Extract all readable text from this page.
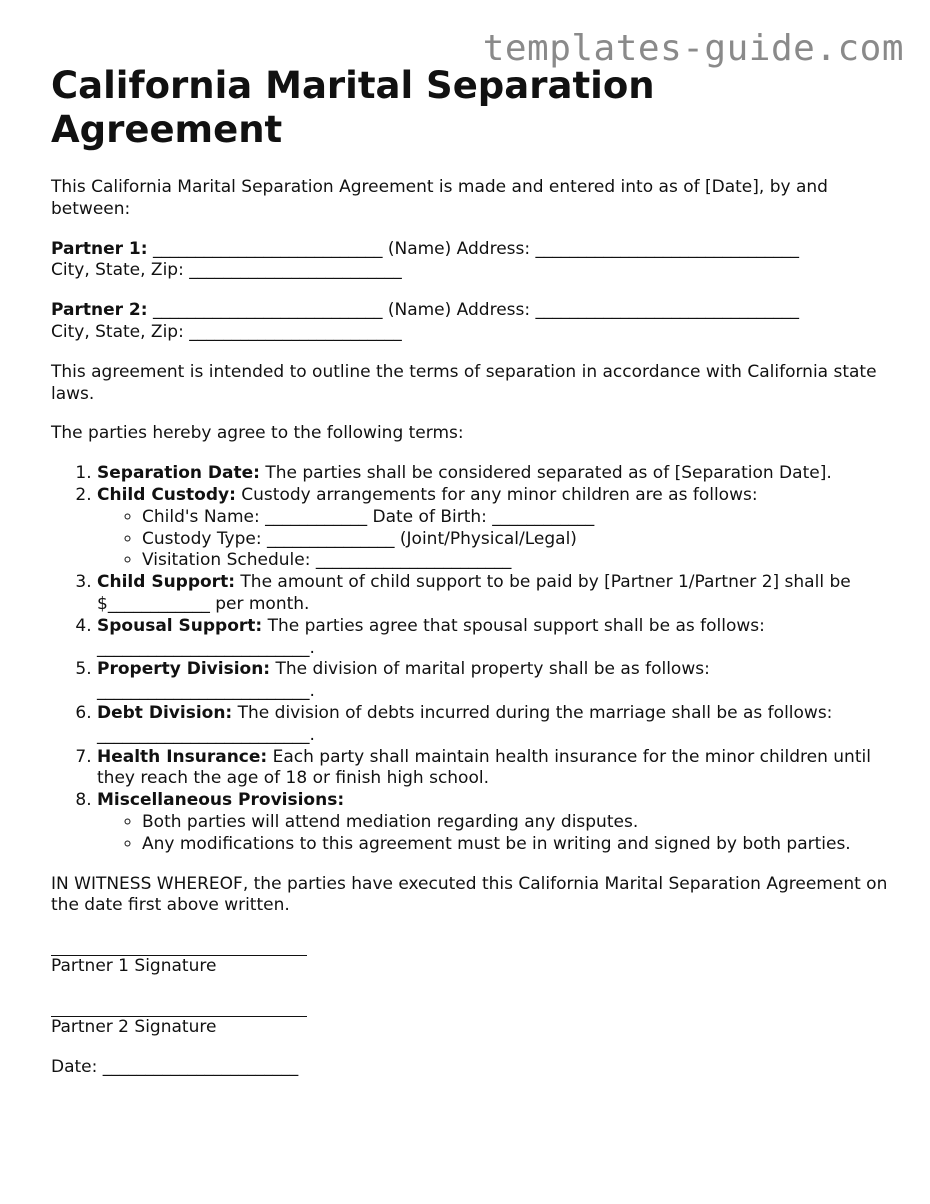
templates-guide.com
California Marital Separation Agreement

This California Marital Separation Agreement is made and entered into as of [Date], by and between:

Partner 1: ___________________________ (Name) Address: _______________________________
City, State, Zip: _________________________

Partner 2: ___________________________ (Name) Address: _______________________________
City, State, Zip: _________________________

This agreement is intended to outline the terms of separation in accordance with California state laws.

The parties hereby agree to the following terms:

1. Separation Date: The parties shall be considered separated as of [Separation Date].
2. Child Custody: Custody arrangements for any minor children are as follows:
◦ Child's Name: ____________ Date of Birth: ____________
◦ Custody Type: _______________ (Joint/Physical/Legal)
◦ Visitation Schedule: _______________________
3. Child Support: The amount of child support to be paid by [Partner 1/Partner 2] shall be $____________ per month.
4. Spousal Support: The parties agree that spousal support shall be as follows: _________________________.
5. Property Division: The division of marital property shall be as follows: _________________________.
6. Debt Division: The division of debts incurred during the marriage shall be as follows: _________________________.
7. Health Insurance: Each party shall maintain health insurance for the minor children until they reach the age of 18 or finish high school.
8. Miscellaneous Provisions:
◦ Both parties will attend mediation regarding any disputes.
◦ Any modifications to this agreement must be in writing and signed by both parties.

IN WITNESS WHEREOF, the parties have executed this California Marital Separation Agreement on the date first above written.

Partner 1 Signature

Partner 2 Signature

Date: _______________________
